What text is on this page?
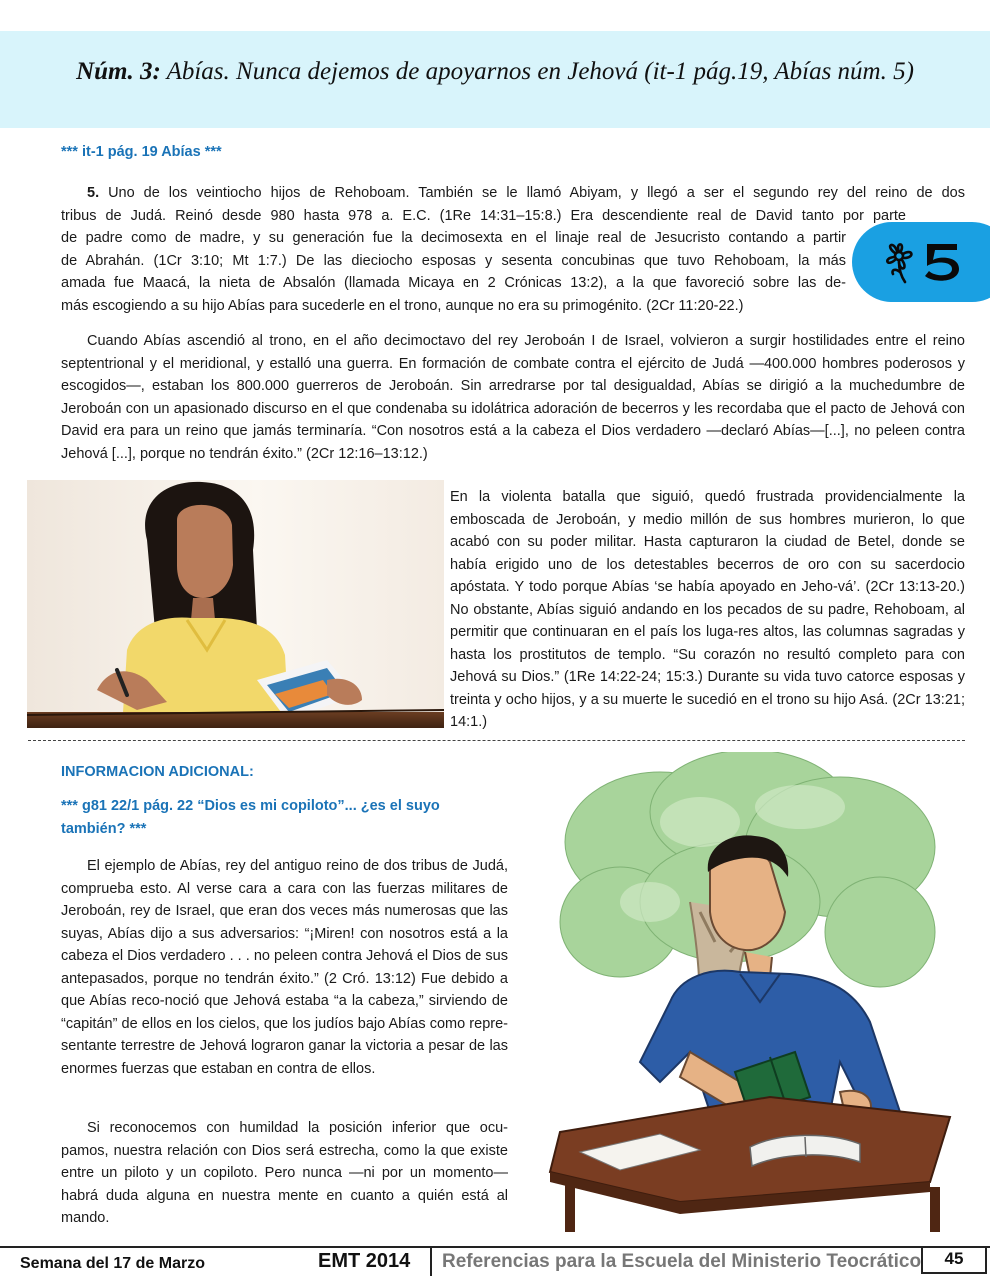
Núm. 3: Abías. Nunca dejemos de apoyarnos en Jehová (it-1 pág.19, Abías núm. 5)
*** it-1 pág. 19 Abías ***
5. Uno de los veintiocho hijos de Rehoboam. También se le llamó Abiyam, y llegó a ser el segundo rey del reino de dos
tribus de Judá. Reinó desde 980 hasta 978 a. E.C. (1Re 14:31–15:8.) Era descendiente real de David tanto por parte
de padre como de madre, y su generación fue la decimosexta en el linaje real de Jesucristo contando a partir
de Abrahán. (1Cr 3:10; Mt 1:7.) De las dieciocho esposas y sesenta concubinas que tuvo Rehoboam, la más
amada fue Maacá, la nieta de Absalón (llamada Micaya en 2 Crónicas 13:2), a la que favoreció sobre las de-
más escogiendo a su hijo Abías para sucederle en el trono, aunque no era su primogénito. (2Cr 11:20-22.)

Cuando Abías ascendió al trono, en el año decimoctavo del rey Jeroboán I de Israel, volvieron a surgir hostilidades entre el reino septentrional y el meridional, y estalló una guerra. En formación de combate contra el ejército de Judá —400.000 hombres poderosos y escogidos—, estaban los 800.000 guerreros de Jeroboán. Sin arredrarse por tal desigualdad, Abías se dirigió a la muchedumbre de Jeroboán con un apasionado discurso en el que condenaba su idolátrica adoración de becerros y les recordaba que el pacto de Jehová con David era para un reino que jamás terminaría. “Con nosotros está a la cabeza el Dios verdadero —declaró Abías—[...], no peleen contra Jehová [...], porque no tendrán éxito.” (2Cr 12:16–13:12.)

En la violenta batalla que siguió, quedó frustrada providencialmente la emboscada de Jeroboán, y medio millón de sus hombres murieron, lo que acabó con su poder militar. Hasta capturaron la ciudad de Betel, donde se había erigido uno de los detestables becerros de oro con su sacerdocio apóstata. Y todo porque Abías ‘se había apoyado en Jeho-vá’. (2Cr 13:13-20.) No obstante, Abías siguió andando en los pecados de su padre, Rehoboam, al permitir que continuaran en el país los luga-res altos, las columnas sagradas y hasta los prostitutos de templo. “Su corazón no resultó completo para con Jehová su Dios.” (1Re 14:22-24; 15:3.) Durante su vida tuvo catorce esposas y treinta y ocho hijos, y a su muerte le sucedió en el trono su hijo Asá. (2Cr 13:21; 14:1.)

INFORMACION ADICIONAL:
*** g81 22/1 pág. 22 “Dios es mi copiloto”... ¿es el suyo también? ***

El ejemplo de Abías, rey del antiguo reino de dos tribus de Judá, comprueba esto. Al verse cara a cara con las fuerzas militares de Jeroboán, rey de Israel, que eran dos veces más numerosas que las suyas, Abías dijo a sus adversarios: “¡Miren! con nosotros está a la cabeza el Dios verdadero . . . no peleen contra Jehová el Dios de sus antepasados, porque no tendrán éxito.” (2 Cró. 13:12) Fue debido a que Abías reco-noció que Jehová estaba “a la cabeza,” sirviendo de “capitán” de ellos en los cielos, que los judíos bajo Abías como repre-sentante terrestre de Jehová lograron ganar la victoria a pesar de las enormes fuerzas que estaban en contra de ellos.

Si reconocemos con humildad la posición inferior que ocu-pamos, nuestra relación con Dios será estrecha, como la que existe entre un piloto y un copiloto. Pero nunca —ni por un momento— habrá duda alguna en nuestra mente en cuanto a quién está al mando.

Semana del 17 de Marzo	EMT 2014 Referencias para la Escuela del Ministerio Teocrático	45
